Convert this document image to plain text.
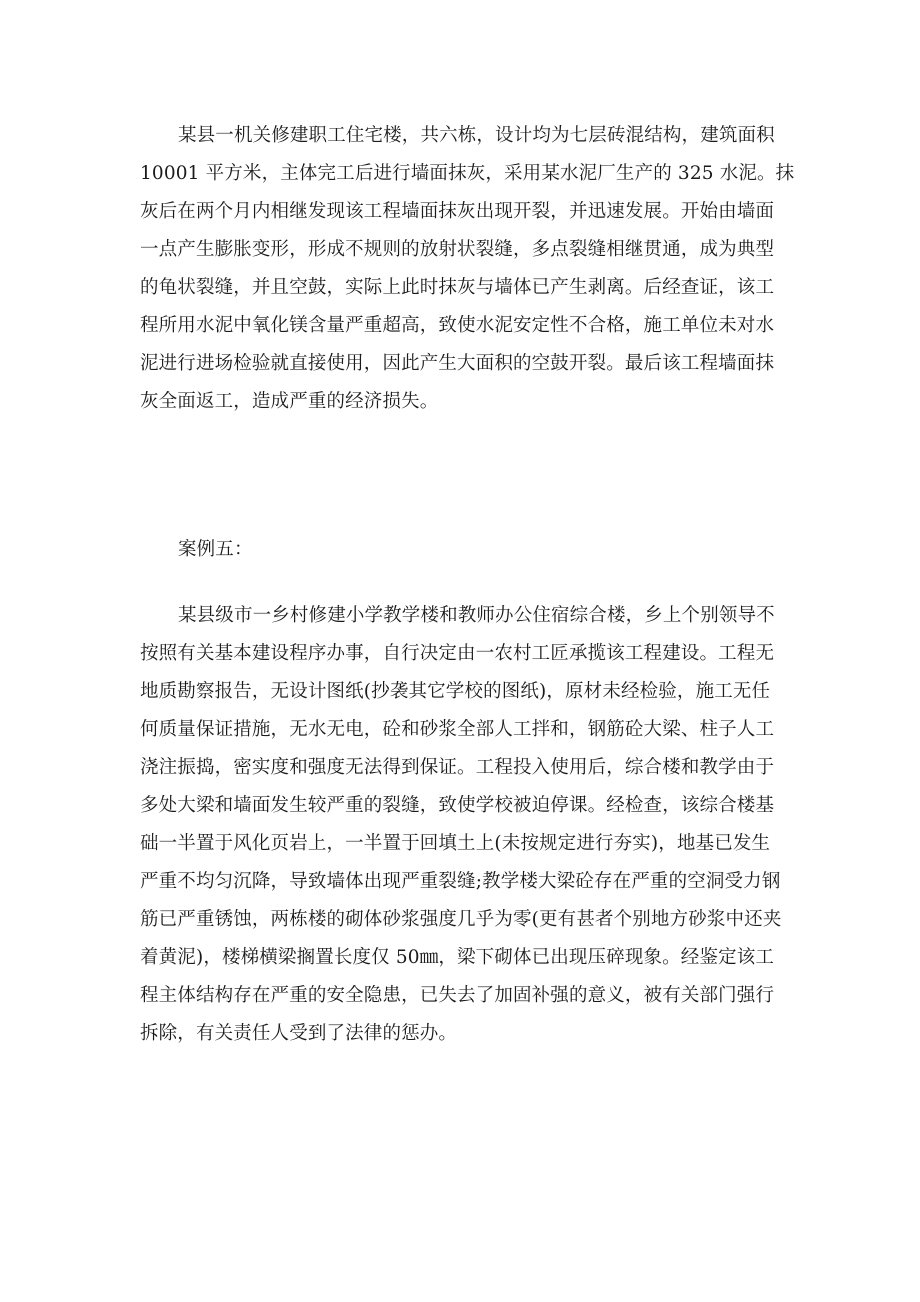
某县一机关修建职工住宅楼，共六栋，设计均为七层砖混结构，建筑面积
10001 平方米，主体完工后进行墙面抹灰，采用某水泥厂生产的 325 水泥。抹
灰后在两个月内相继发现该工程墙面抹灰出现开裂，并迅速发展。开始由墙面
一点产生膨胀变形，形成不规则的放射状裂缝，多点裂缝相继贯通，成为典型
的龟状裂缝，并且空鼓，实际上此时抹灰与墙体已产生剥离。后经查证，该工
程所用水泥中氧化镁含量严重超高，致使水泥安定性不合格，施工单位未对水
泥进行进场检验就直接使用，因此产生大面积的空鼓开裂。最后该工程墙面抹
灰全面返工，造成严重的经济损失。
案例五：
某县级市一乡村修建小学教学楼和教师办公住宿综合楼，乡上个别领导不
按照有关基本建设程序办事，自行决定由一农村工匠承揽该工程建设。工程无
地质勘察报告，无设计图纸(抄袭其它学校的图纸)，原材未经检验，施工无任
何质量保证措施，无水无电，砼和砂浆全部人工拌和，钢筋砼大梁、柱子人工
浇注振捣，密实度和强度无法得到保证。工程投入使用后，综合楼和教学由于
多处大梁和墙面发生较严重的裂缝，致使学校被迫停课。经检查，该综合楼基
础一半置于风化页岩上，一半置于回填土上(未按规定进行夯实)，地基已发生
严重不均匀沉降，导致墙体出现严重裂缝;教学楼大梁砼存在严重的空洞受力钢
筋已严重锈蚀，两栋楼的砌体砂浆强度几乎为零(更有甚者个别地方砂浆中还夹
着黄泥)，楼梯横梁搁置长度仅 50㎜，梁下砌体已出现压碎现象。经鉴定该工
程主体结构存在严重的安全隐患，已失去了加固补强的意义，被有关部门强行
拆除，有关责任人受到了法律的惩办。
